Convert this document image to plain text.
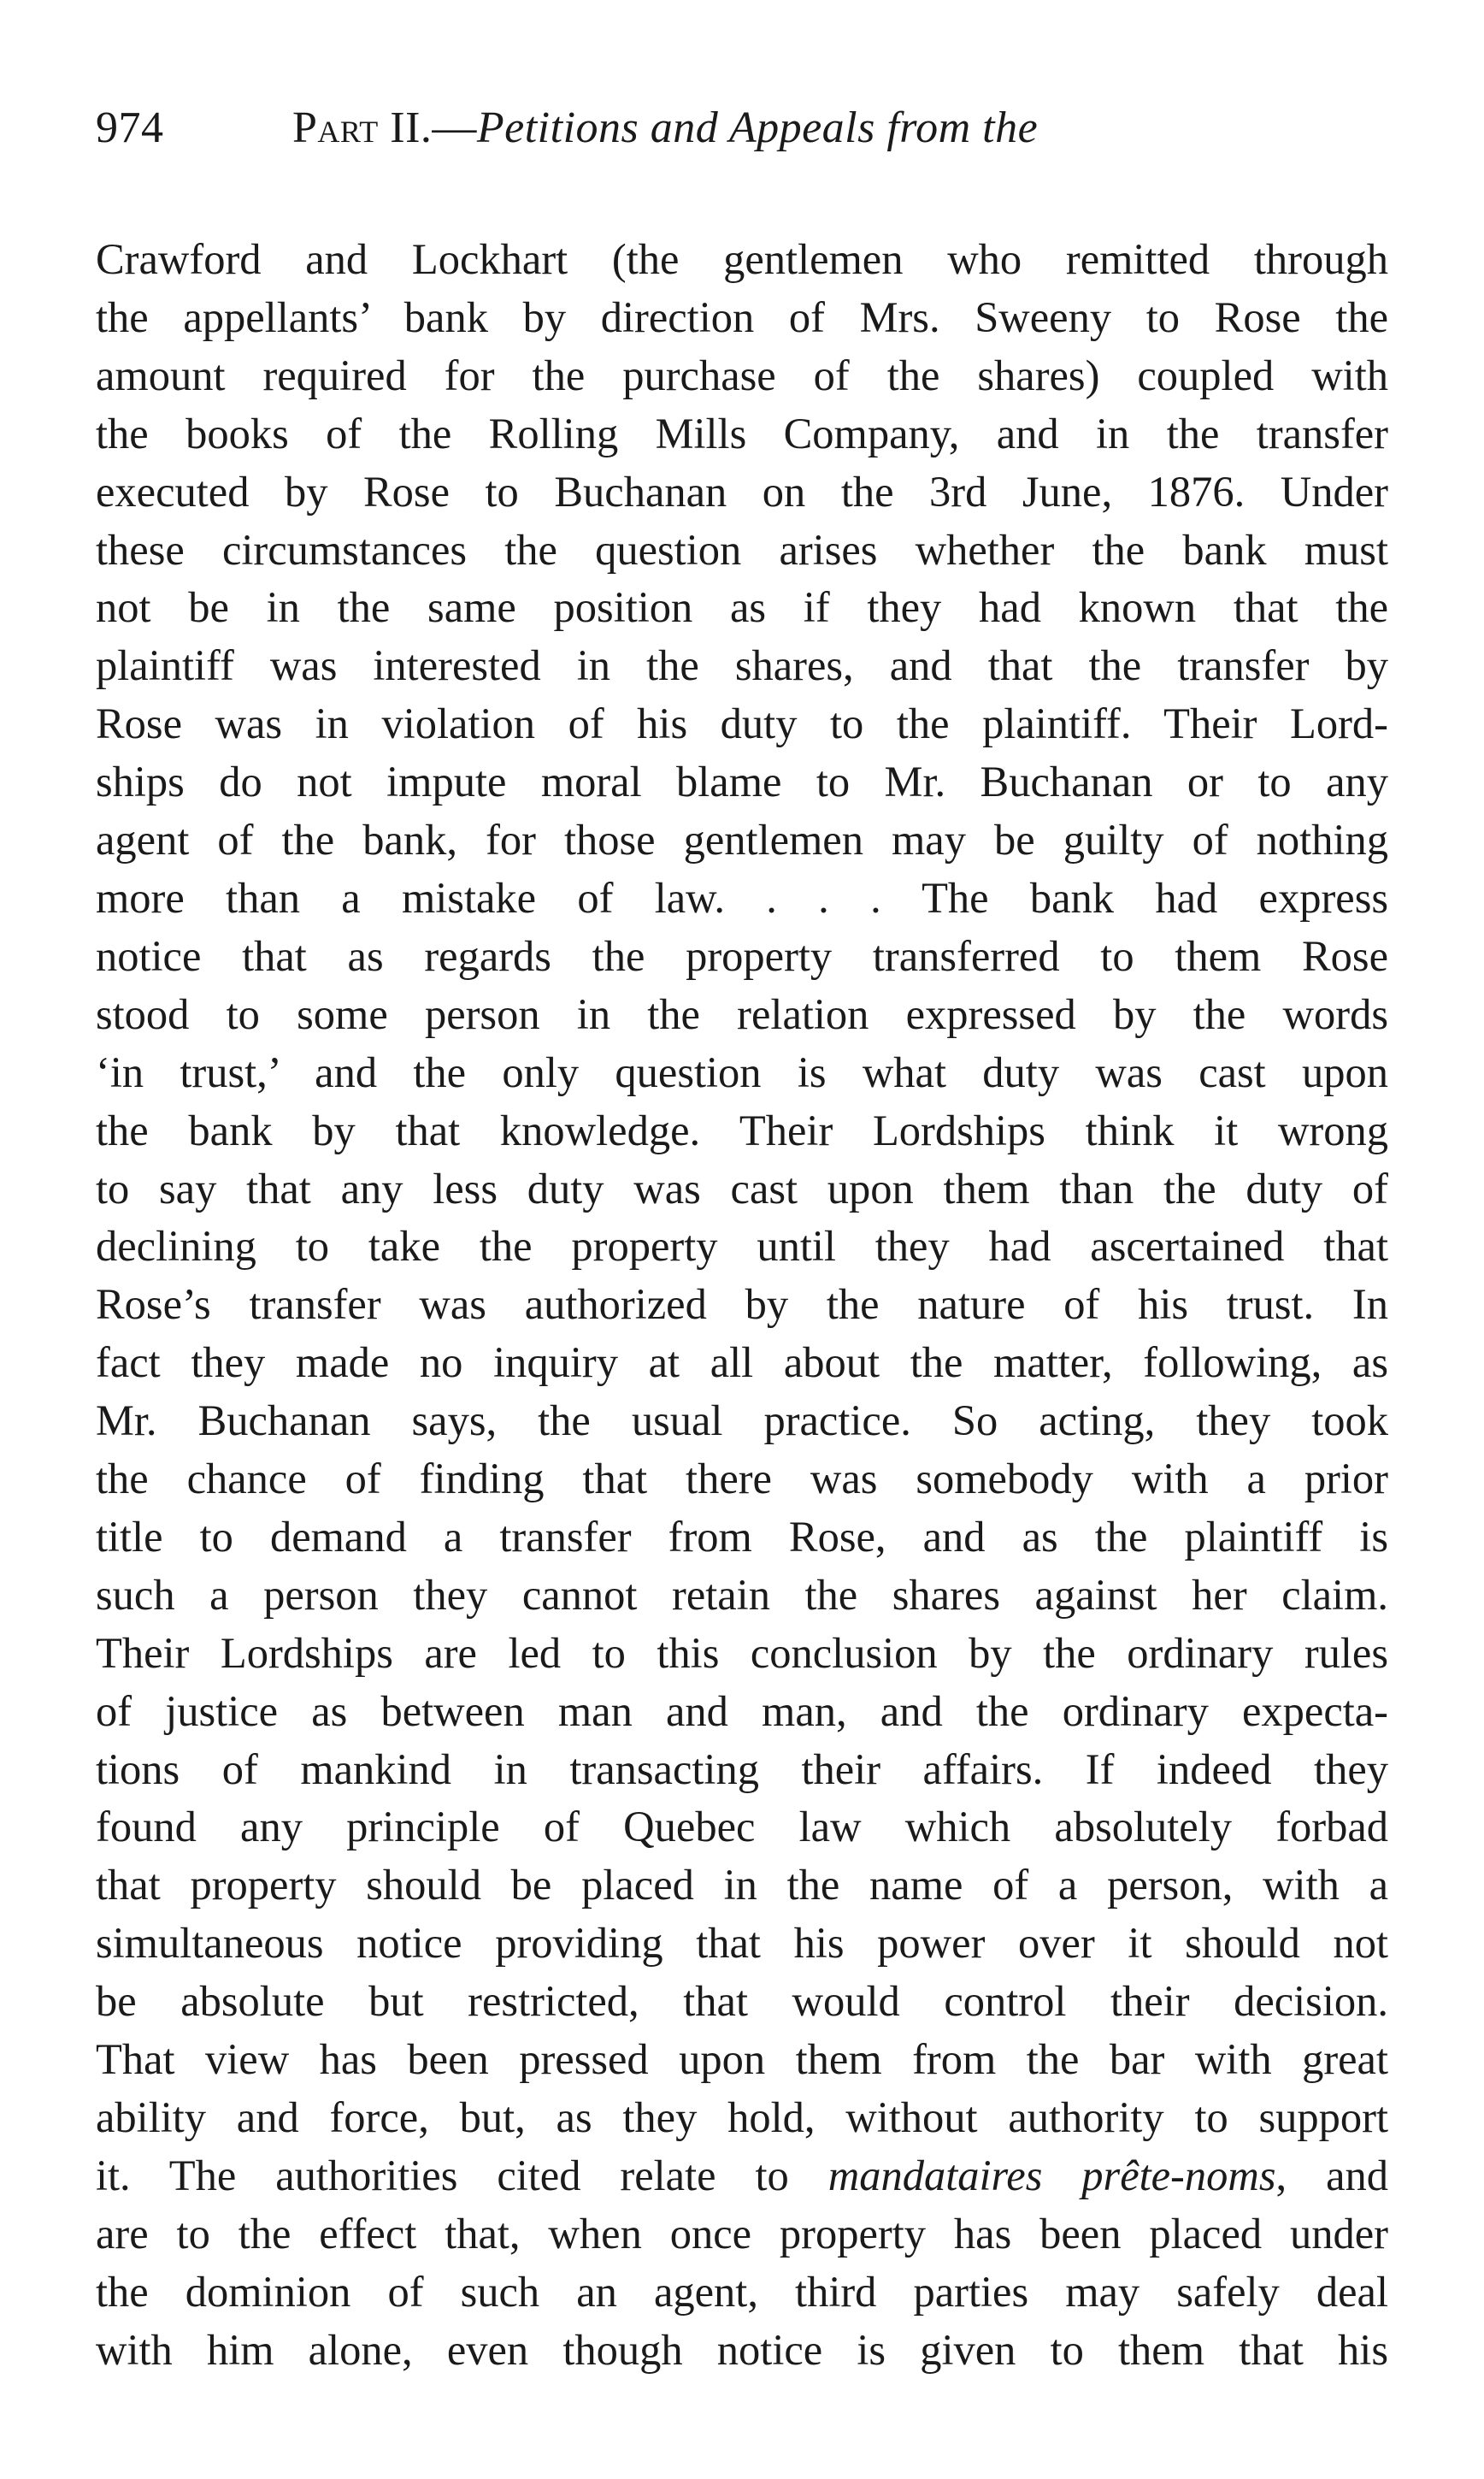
974	Part II. — Petitions and Appeals from the
Crawford and Lockhart (the gentlemen who remitted through
the appellants’ bank by direction of Mrs. Sweeny to Rose the
amount required for the purchase of the shares) coupled with
the books of the Rolling Mills Company, and in the transfer
executed by Rose to Buchanan on the 3rd June, 1876. Under
these circumstances the question arises whether the bank must
not be in the same position as if they had known that the
plaintiff was interested in the shares, and that the transfer by
Rose was in violation of his duty to the plaintiff. Their Lord-
ships do not impute moral blame to Mr. Buchanan or to any
agent of the bank, for those gentlemen may be guilty of nothing
more than a mistake of law. . . . The bank had express
notice that as regards the property transferred to them Rose
stood to some person in the relation expressed by the words
‘in trust,’ and the only question is what duty was cast upon
the bank by that knowledge. Their Lordships think it wrong
to say that any less duty was cast upon them than the duty of
declining to take the property until they had ascertained that
Rose’s transfer was authorized by the nature of his trust. In
fact they made no inquiry at all about the matter, following, as
Mr. Buchanan says, the usual practice. So acting, they took
the chance of finding that there was somebody with a prior
title to demand a transfer from Rose, and as the plaintiff is
such a person they cannot retain the shares against her claim.
Their Lordships are led to this conclusion by the ordinary rules
of justice as between man and man, and the ordinary expecta-
tions of mankind in transacting their affairs. If indeed they
found any principle of Quebec law which absolutely forbad
that property should be placed in the name of a person, with a
simultaneous notice providing that his power over it should not
be absolute but restricted, that would control their decision.
That view has been pressed upon them from the bar with great
ability and force, but, as they hold, without authority to support
it. The authorities cited relate to mandataires prête-noms, and
are to the effect that, when once property has been placed under
the dominion of such an agent, third parties may safely deal
with him alone, even though notice is given to them that his
